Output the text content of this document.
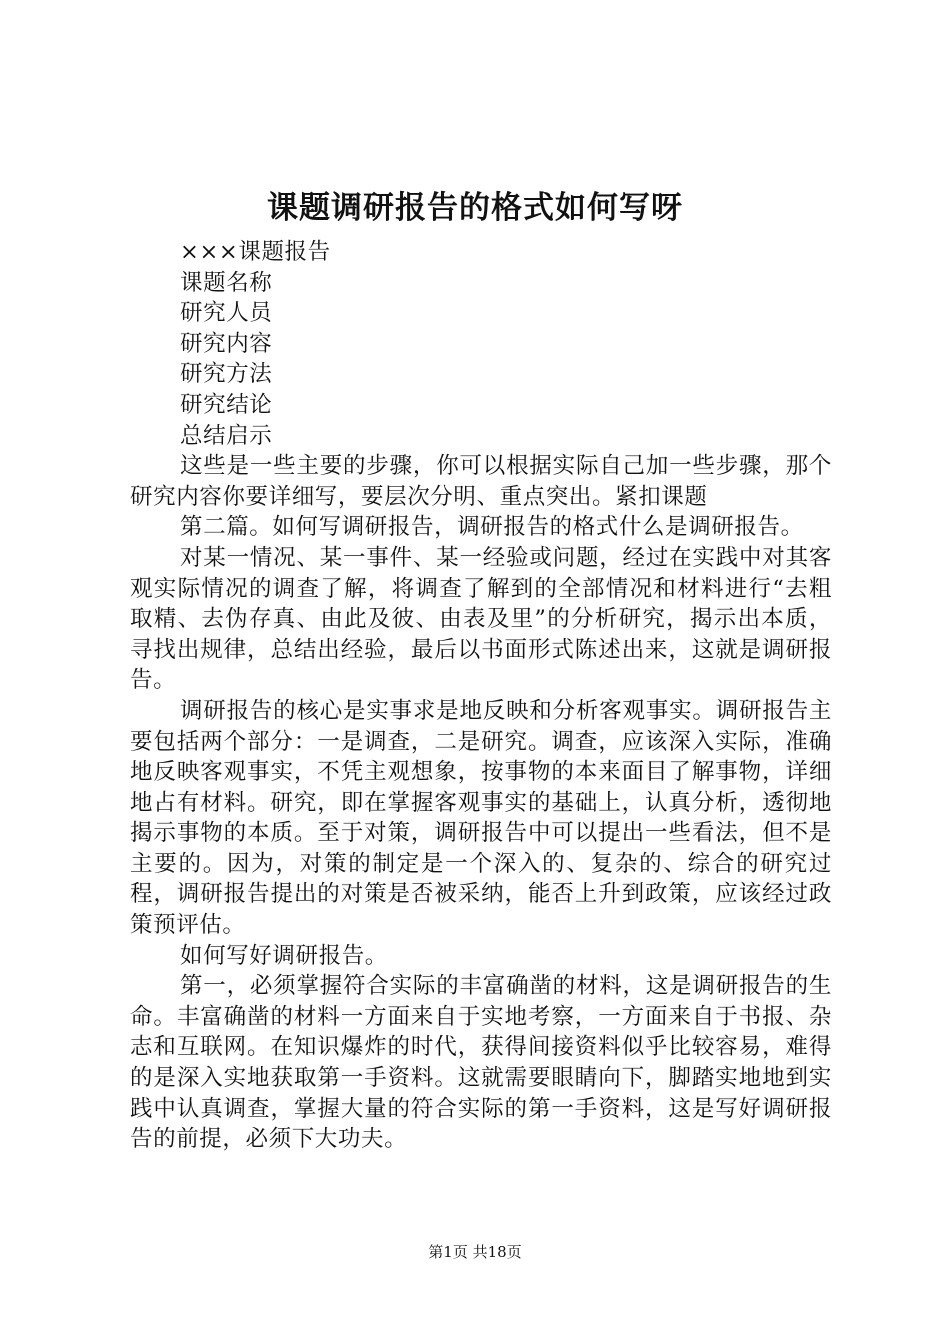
课题调研报告的格式如何写呀
×××课题报告
课题名称
研究人员
研究内容
研究方法
研究结论
总结启示

这些是一些主要的步骤，你可以根据实际自己加一些步骤，那个研究内容你要详细写，要层次分明、重点突出。紧扣课题

第二篇。如何写调研报告，调研报告的格式什么是调研报告。

对某一情况、某一事件、某一经验或问题，经过在实践中对其客观实际情况的调查了解，将调查了解到的全部情况和材料进行“去粗取精、去伪存真、由此及彼、由表及里”的分析研究，揭示出本质，寻找出规律，总结出经验，最后以书面形式陈述出来，这就是调研报告。

调研报告的核心是实事求是地反映和分析客观事实。调研报告主要包括两个部分：一是调查，二是研究。调查，应该深入实际，准确地反映客观事实，不凭主观想象，按事物的本来面目了解事物，详细地占有材料。研究，即在掌握客观事实的基础上，认真分析，透彻地揭示事物的本质。至于对策，调研报告中可以提出一些看法，但不是主要的。因为，对策的制定是一个深入的、复杂的、综合的研究过程，调研报告提出的对策是否被采纳，能否上升到政策，应该经过政策预评估。

如何写好调研报告。

第一，必须掌握符合实际的丰富确凿的材料，这是调研报告的生命。丰富确凿的材料一方面来自于实地考察，一方面来自于书报、杂志和互联网。在知识爆炸的时代，获得间接资料似乎比较容易，难得的是深入实地获取第一手资料。这就需要眼睛向下，脚踏实地地到实践中认真调查，掌握大量的符合实际的第一手资料，这是写好调研报告的前提，必须下大功夫。

第1页 共18页
